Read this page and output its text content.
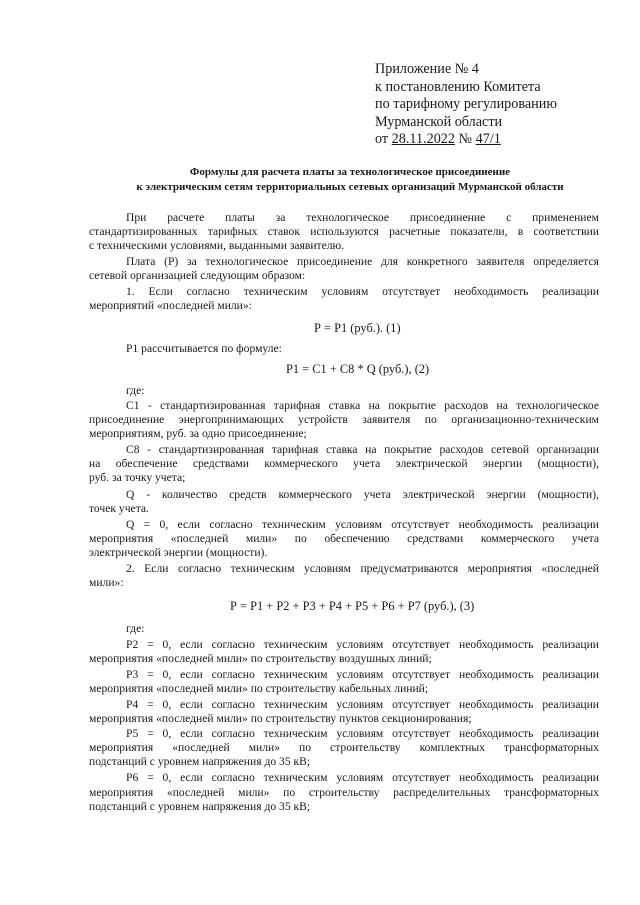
Приложение № 4
к постановлению Комитета
по тарифному регулированию
Мурманской области
от 28.11.2022 № 47/1
Формулы для расчета платы за технологическое присоединение
к электрическим сетям территориальных сетевых организаций Мурманской области
При расчете платы за технологическое присоединение с применением
стандартизированных тарифных ставок используются расчетные показатели, в соответствии
с техническими условиями, выданными заявителю.
Плата (Р) за технологическое присоединение для конкретного заявителя определяется
сетевой организацией следующим образом:
1. Если согласно техническим условиям отсутствует необходимость реализации
мероприятий «последней мили»:
Р = Р1 (руб.). (1)
Р1 рассчитывается по формуле:
Р1 = С1 + С8 * Q (руб.), (2)
где:
С1 - стандартизированная тарифная ставка на покрытие расходов на технологическое
присоединение энергопринимающих устройств заявителя по организационно-техническим
мероприятиям, руб. за одно присоединение;
С8 - стандартизированная тарифная ставка на покрытие расходов сетевой организации
на обеспечение средствами коммерческого учета электрической энергии (мощности),
руб. за точку учета;
Q - количество средств коммерческого учета электрической энергии (мощности),
точек учета.
Q = 0, если согласно техническим условиям отсутствует необходимость реализации
мероприятия «последней мили» по обеспечению средствами коммерческого учета
электрической энергии (мощности).
2. Если согласно техническим условиям предусматриваются мероприятия «последней
мили»:
Р = Р1 + Р2 + Р3 + Р4 + Р5 + Р6 + Р7 (руб.), (3)
где:
Р2 = 0, если согласно техническим условиям отсутствует необходимость реализации
мероприятия «последней мили» по строительству воздушных линий;
Р3 = 0, если согласно техническим условиям отсутствует необходимость реализации
мероприятия «последней мили» по строительству кабельных линий;
Р4 = 0, если согласно техническим условиям отсутствует необходимость реализации
мероприятия «последней мили» по строительству пунктов секционирования;
Р5 = 0, если согласно техническим условиям отсутствует необходимость реализации
мероприятия «последней мили» по строительству комплектных трансформаторных
подстанций с уровнем напряжения до 35 кВ;
Р6 = 0, если согласно техническим условиям отсутствует необходимость реализации
мероприятия «последней мили» по строительству распределительных трансформаторных
подстанций с уровнем напряжения до 35 кВ;
